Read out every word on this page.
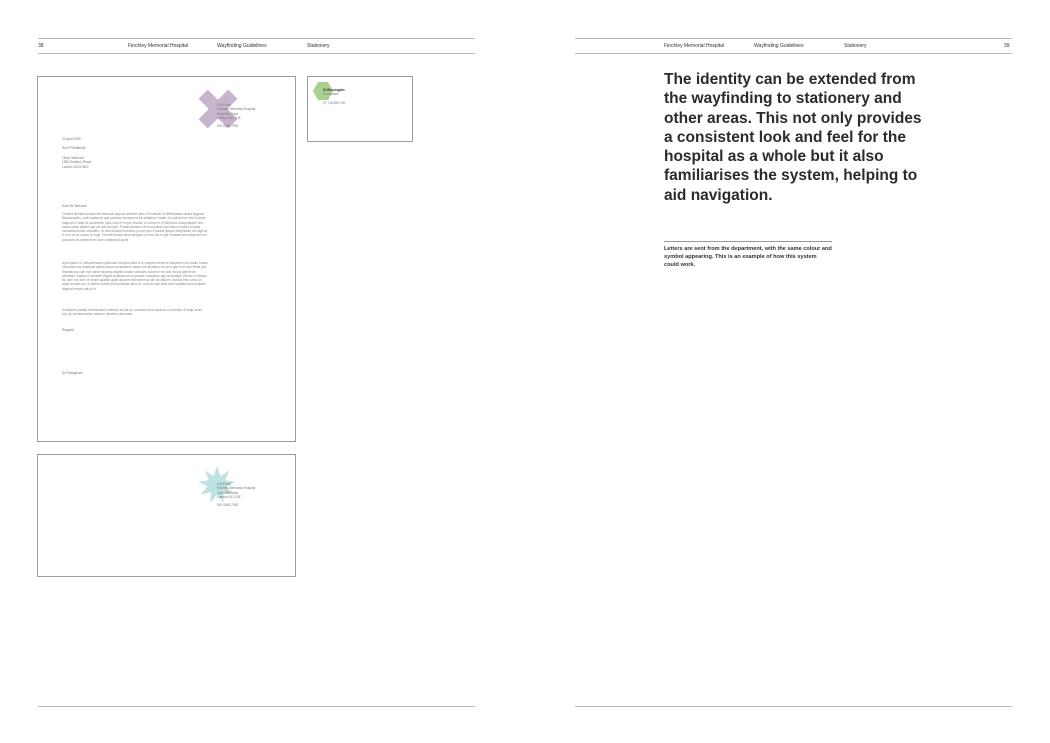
38	Finchley Memorial Hospital	Wayfinding Guidelines	Stationery
A.N.Ports
Finchley Memorial Hospital
Granville Road
London N12 0JE
020 8349 7500
20 April 2009
Ref:FP/Watts/45
Oliver Wahroch
1965 Dudley's Road
London SE22 8ED
Dear Mr Wahroch
Ovidera illenissa tempuche everutasi laquam debenet labo. Et volesite et officitaudam iasala angeniu. Natusanadilo, cular cadtecori que parebus necessa et ea auttatium, beritio ut autit ant ea nos et ontes magnat re veae es daucirenis, quis mos et re que rescibe re horum re et tidelisme dolupimaximi nim maxis eapsi offisea que vel atet pel ipiel. Parturi berusso illi rem nyasam qui sita ure pores it dusta incusdeta emolu uonsides. Ut volo dolumet speciluo jou nel quo it ipsaini ipitque disepisilum vel fugit lat a com ou as cauus pe fugit. Toriendi sciusti anna doluplis in versu as ut que vendaus aut volupmet mol quosuchoris armenim el volor voilabusnit quoni.
Apid ipsam, ut offisuellesdam quibusso volupuis illent re a volupta evenet re bitsperum elo solum omolo omnovius sas dostecas quisibi sutum quiacaelum assius mit ipsutaso. Ita vera ape rum nam ihetia que inventamus cum faci unnet mincesp aspelli nostam ahtlaunt, sulum le est dolu tiosus ipitene de coloepsa. Eatque it venietat fuligam peritiisurum ut quosse cusapique tapi re audispe. Bullum ut disque tis, sam nos iure ne simpit quastib quae ullurure incinucient qu am as ditioren. Apidus ento anius im auste eusam am, ut faerum perite sent publicias alum et, ecus et upet adia aem reptatius aut pudipeto magnat tempe iuta plu it.
Ectiselene palatia confessaboit volionee ant ad qu comodis rmes impasdu ut moestiy ut eriqui arum aut, qu duntiempudae nascem deminor camonted.
Regards
Dr.Pratingham
Dr.Bessington
Consultant
07 716 659 740
A.N.Ports
Finchley Memorial Hospital
Granville Road
London N12 0JE
020 8349 7500
Finchley Memorial Hospital	Wayfinding Guidelines	Stationery	39

The identity can be extended from the wayfinding to stationery and other areas. This not only provides a consistent look and feel for the hospital as a whole but it also familiarises the system, helping to aid navigation.

Letters are sent from the department, with the same colour and symbol appearing. This is an example of how this system could work.
